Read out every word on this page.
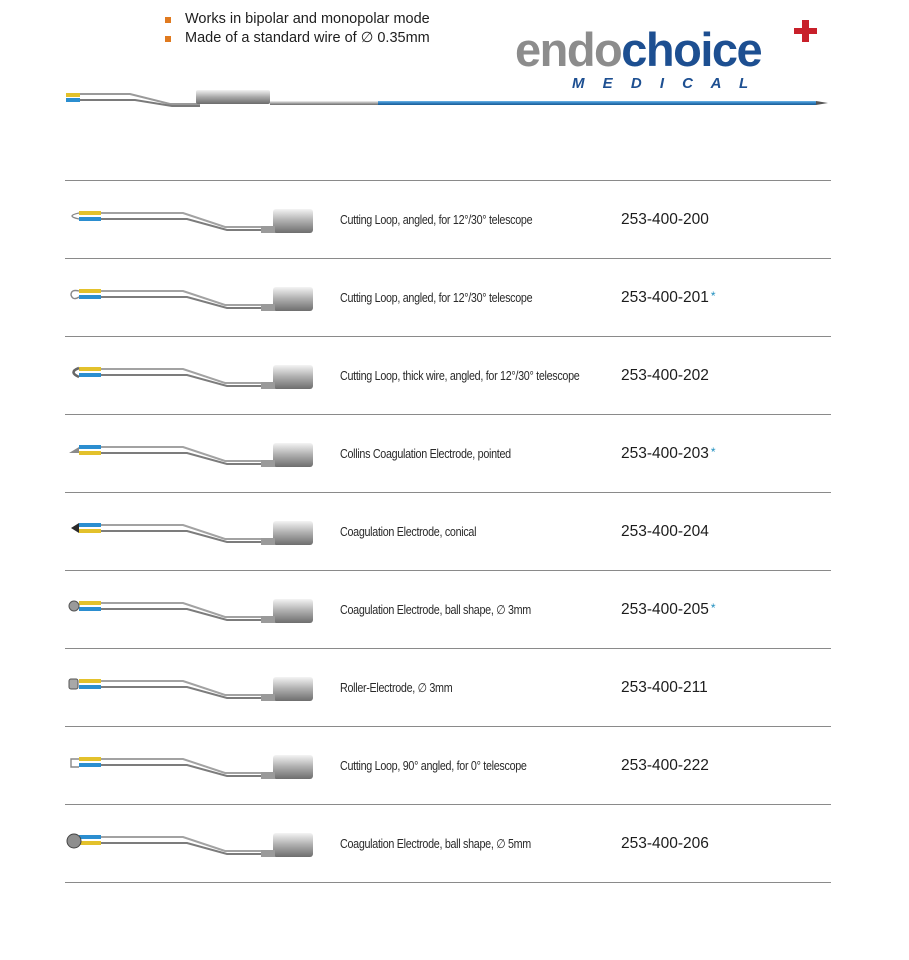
Works in bipolar and monopolar mode
Made of a standard wire of ∅ 0.35mm endochoice
M E D I C A L
Cutting Loop, angled, for 12°/30° telescope	253-400-200
Cutting Loop, angled, for 12°/30° telescope	253-400-201 *
Cutting Loop, thick wire, angled, for 12°/30° telescope	253-400-202
Collins Coagulation Electrode, pointed	253-400-203 *
Coagulation Electrode, conical	253-400-204
Coagulation Electrode, ball shape, ∅ 3mm	253-400-205 *
Roller-Electrode, ∅ 3mm	253-400-211
Cutting Loop, 90° angled, for 0° telescope	253-400-222
Coagulation Electrode, ball shape, ∅ 5mm	253-400-206
